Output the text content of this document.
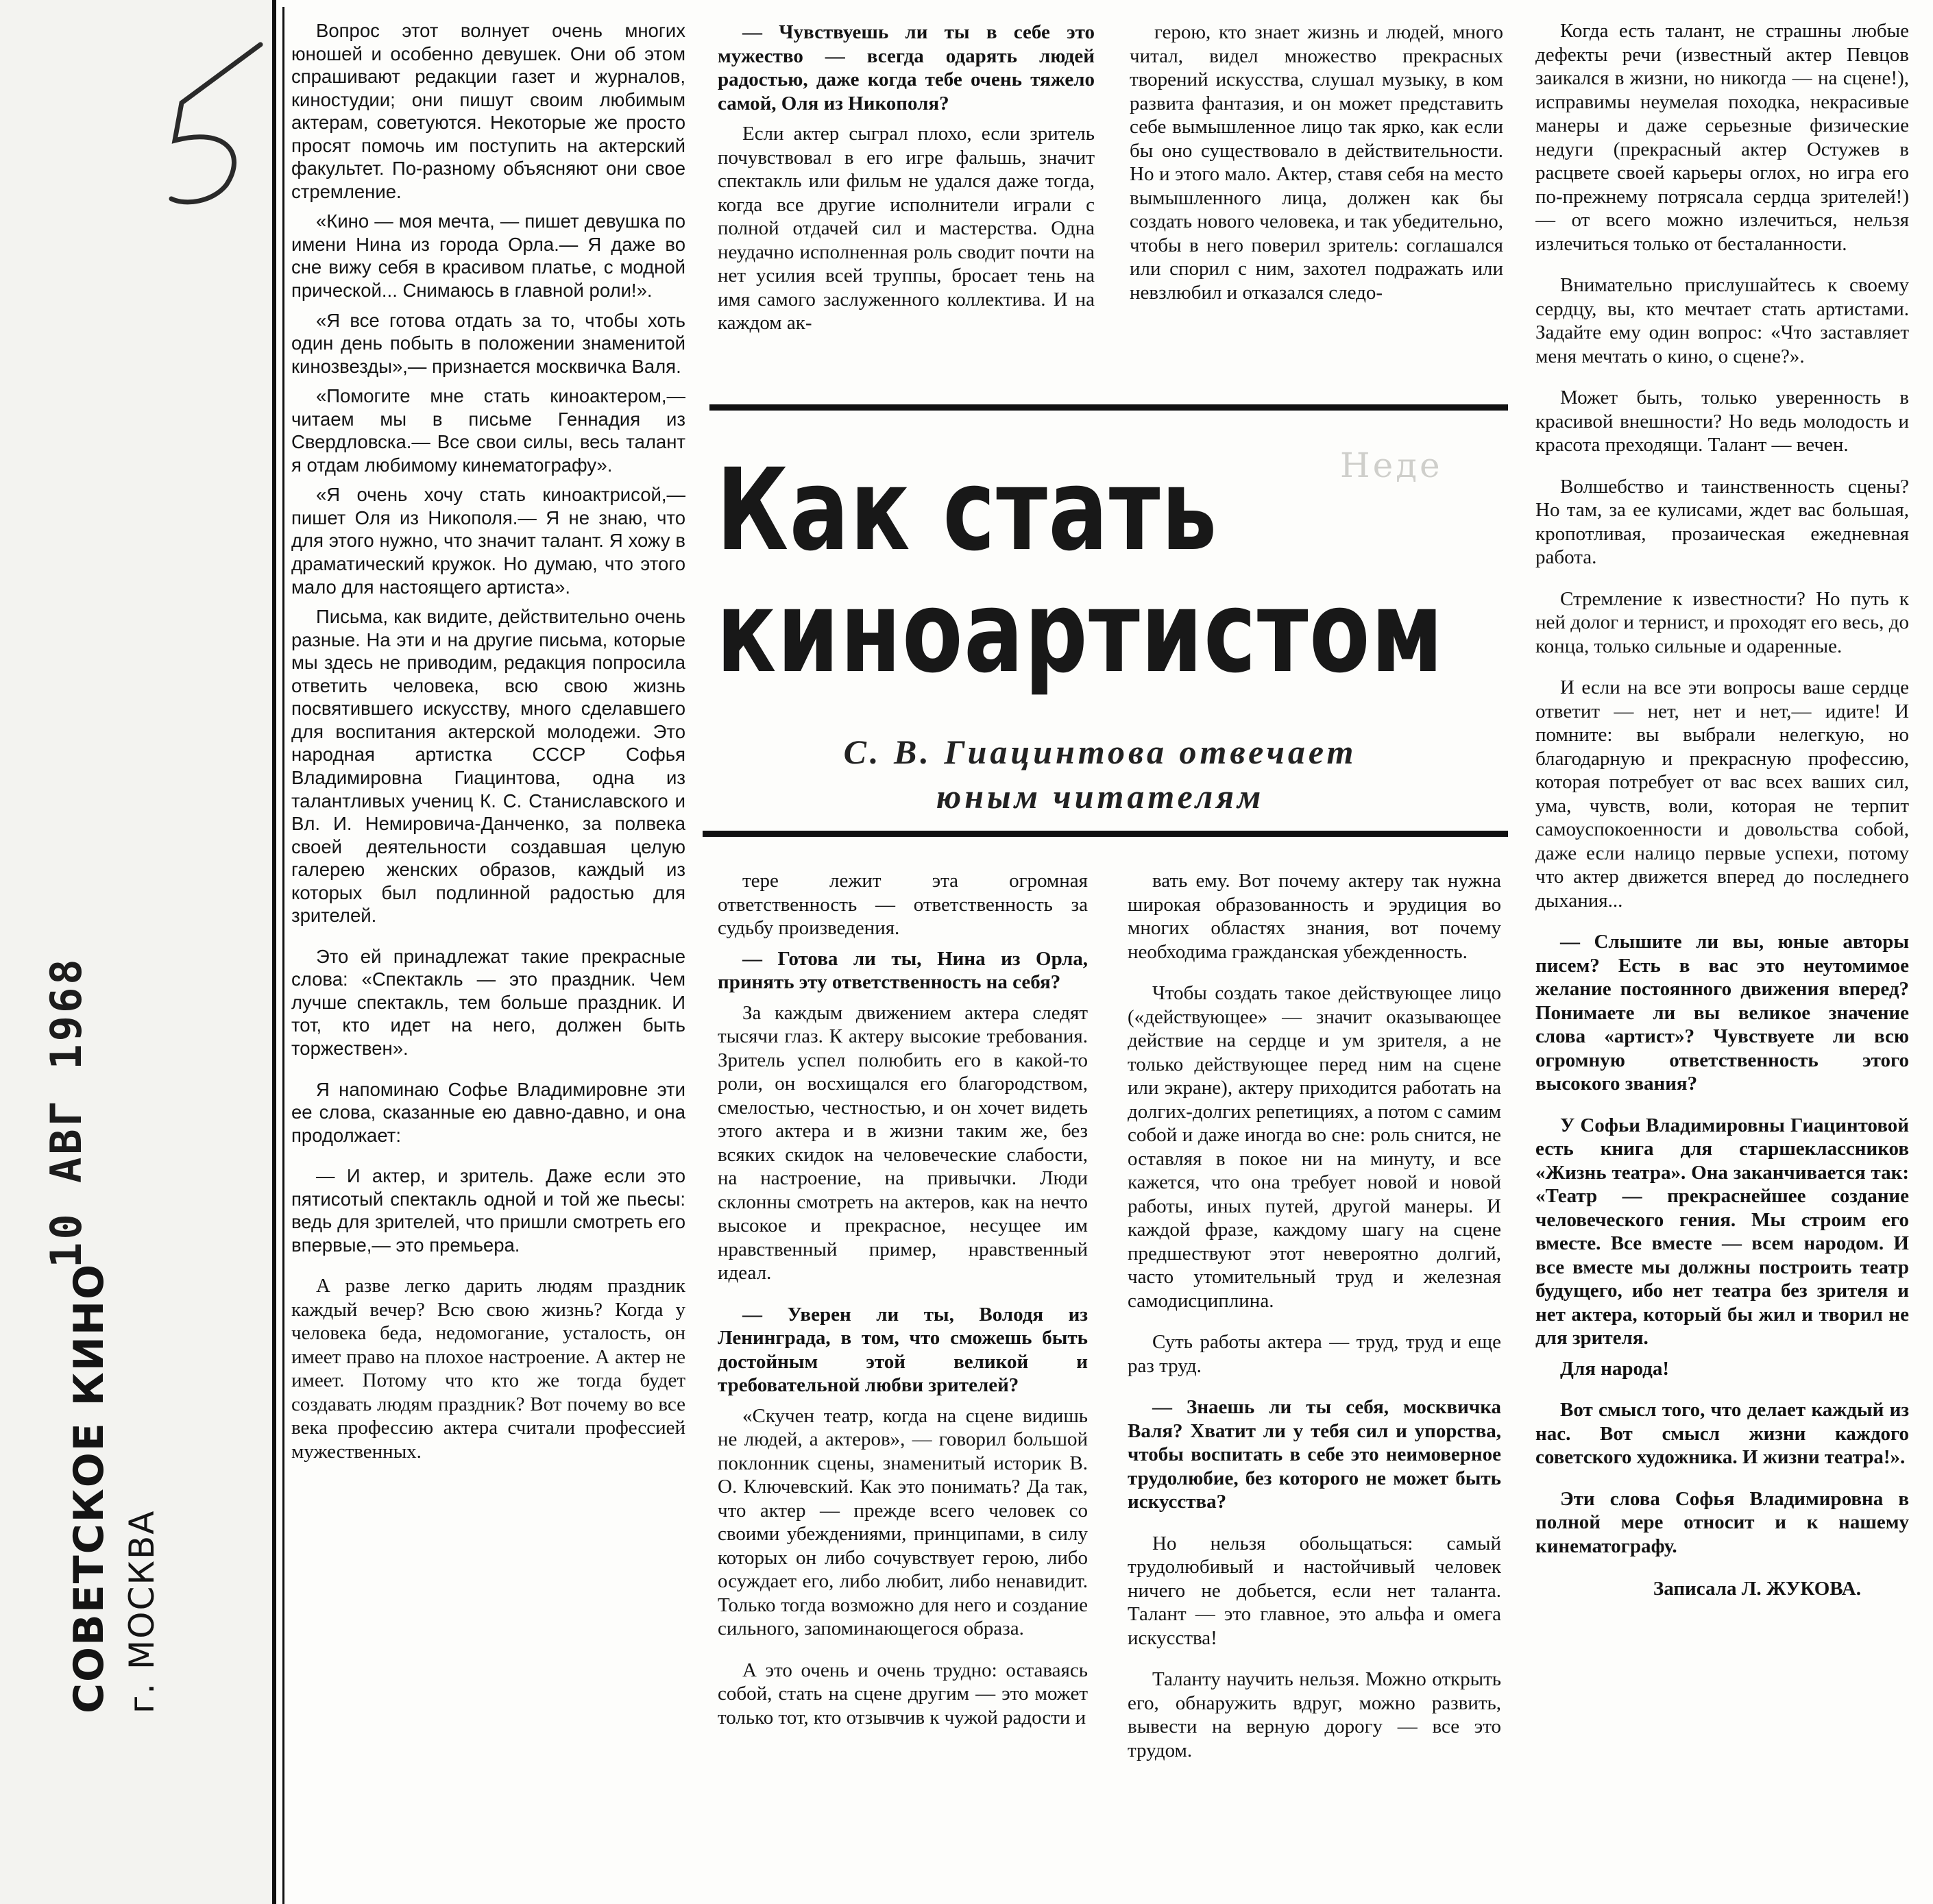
10 АВГ 1968
СОВЕТСКОЕ КИНО г. МОСКВА

Вопрос этот волнует очень многих юношей и особенно девушек. Они об этом спрашивают редакции газет и журналов, киностудии; они пишут своим любимым актерам, советуются. Некоторые же просто просят помочь им поступить на актерский факультет. По-разному объясняют они свое стремление.

«Кино — моя мечта, — пишет девушка по имени Нина из города Орла.— Я даже во сне вижу себя в красивом платье, с модной прической... Снимаюсь в главной роли!».

«Я все готова отдать за то, чтобы хоть один день побыть в положении знаменитой кинозвезды»,— признается москвичка Валя.

«Помогите мне стать киноактером,— читаем мы в письме Геннадия из Свердловска.— Все свои силы, весь талант я отдам любимому кинематографу».

«Я очень хочу стать киноактрисой,— пишет Оля из Никополя.— Я не знаю, что для этого нужно, что значит талант. Я хожу в драматический кружок. Но думаю, что этого мало для настоящего артиста».

Письма, как видите, действительно очень разные. На эти и на другие письма, которые мы здесь не приводим, редакция попросила ответить человека, всю свою жизнь посвятившего искусству, много сделавшего для воспитания актерской молодежи. Это народная артистка СССР Софья Владимировна Гиацинтова, одна из талантливых учениц К. С. Станиславского и Вл. И. Немировича-Данченко, за полвека своей деятельности создавшая целую галерею женских образов, каждый из которых был подлинной радостью для зрителей.

Это ей принадлежат такие прекрасные слова: «Спектакль — это праздник. Чем лучше спектакль, тем больше праздник. И тот, кто идет на него, должен быть торжествен».

Я напоминаю Софье Владимировне эти ее слова, сказанные ею давно-давно, и она продолжает:

— И актер, и зритель. Даже если это пятисотый спектакль одной и той же пьесы: ведь для зрителей, что пришли смотреть его впервые,— это премьера.

А разве легко дарить людям праздник каждый вечер? Всю свою жизнь? Когда у человека беда, недомогание, усталость, он имеет право на плохое настроение. А актер не имеет. Потому что кто же тогда будет создавать людям праздник? Вот почему во все века профессию актера считали профессией мужественных.

— Чувствуешь ли ты в себе это мужество — всегда одарять людей радостью, даже когда тебе очень тяжело самой, Оля из Никополя?

Если актер сыграл плохо, если зритель почувствовал в его игре фальшь, значит спектакль или фильм не удался даже тогда, когда все другие исполнители играли с полной отдачей сил и мастерства. Одна неудачно исполненная роль сводит почти на нет усилия всей труппы, бросает тень на имя самого заслуженного коллектива. И на каждом ак-

герою, кто знает жизнь и людей, много читал, видел множество прекрасных творений искусства, слушал музыку, в ком развита фантазия, и он может представить себе вымышленное лицо так ярко, как если бы оно существовало в действительности. Но и этого мало. Актер, ставя себя на место вымышленного лица, должен как бы создать нового человека, и так убедительно, чтобы в него поверил зритель: соглашался или спорил с ним, захотел подражать или невзлюбил и отказался следо-

Когда есть талант, не страшны любые дефекты речи (известный актер Певцов заикался в жизни, но никогда — на сцене!), исправимы неумелая походка, некрасивые манеры и даже серьезные физические недуги (прекрасный актер Остужев в расцвете своей карьеры оглох, но игра его по-прежнему потрясала сердца зрителей!) — от всего можно излечиться, нельзя излечиться только от бесталанности.

Внимательно прислушайтесь к своему сердцу, вы, кто мечтает стать артистами. Задайте ему один вопрос: «Что заставляет меня мечтать о кино, о сцене?».

Может быть, только уверенность в красивой внешности? Но ведь молодость и красота преходящи. Талант — вечен.

Волшебство и таинственность сцены? Но там, за ее кулисами, ждет вас большая, кропотливая, прозаическая ежедневная работа.

Стремление к известности? Но путь к ней долог и тернист, и проходят его весь, до конца, только сильные и одаренные.

И если на все эти вопросы ваше сердце ответит — нет, нет и нет,— идите! И помните: вы выбрали нелегкую, но благодарную и прекрасную профессию, которая потребует от вас всех ваших сил, ума, чувств, воли, которая не терпит самоуспокоенности и довольства собой, даже если налицо первые успехи, потому что актер движется вперед до последнего дыхания...

— Слышите ли вы, юные авторы писем? Есть в вас это неутомимое желание постоянного движения вперед? Понимаете ли вы великое значение слова «артист»? Чувствуете ли всю огромную ответственность этого высокого звания?

У Софьи Владимировны Гиацинтовой есть книга для старшеклассников «Жизнь театра». Она заканчивается так: «Театр — прекраснейшее создание человеческого гения. Мы строим его вместе. Все вместе — всем народом. И все вместе мы должны построить театр будущего, ибо нет театра без зрителя и нет актера, который бы жил и творил не для зрителя.

Для народа!

Вот смысл того, что делает каждый из нас. Вот смысл жизни каждого советского художника. И жизни театра!».

Эти слова Софья Владимировна в полной мере относит и к нашему кинематографу.

Записала Л. ЖУКОВА.

Неде
Как стать
киноартистом

С. В. Гиацинтова отвечает
юным читателям

тере лежит эта огромная ответственность — ответственность за судьбу произведения.

— Готова ли ты, Нина из Орла, принять эту ответственность на себя?

За каждым движением актера следят тысячи глаз. К актеру высокие требования. Зритель успел полюбить его в какой-то роли, он восхищался его благородством, смелостью, честностью, и он хочет видеть этого актера и в жизни таким же, без всяких скидок на человеческие слабости, на настроение, на привычки. Люди склонны смотреть на актеров, как на нечто высокое и прекрасное, несущее им нравственный пример, нравственный идеал.

— Уверен ли ты, Володя из Ленинграда, в том, что сможешь быть достойным этой великой и требовательной любви зрителей?

«Скучен театр, когда на сцене видишь не людей, а актеров», — говорил большой поклонник сцены, знаменитый историк В. О. Ключевский. Как это понимать? Да так, что актер — прежде всего человек со своими убеждениями, принципами, в силу которых он либо сочувствует герою, либо осуждает его, либо любит, либо ненавидит. Только тогда возможно для него и создание сильного, запоминающегося образа.

А это очень и очень трудно: оставаясь собой, стать на сцене другим — это может только тот, кто отзывчив к чужой радости и

вать ему. Вот почему актеру так нужна широкая образованность и эрудиция во многих областях знания, вот почему необходима гражданская убежденность.

Чтобы создать такое действующее лицо («действующее» — значит оказывающее действие на сердце и ум зрителя, а не только действующее перед ним на сцене или экране), актеру приходится работать на долгих-долгих репетициях, а потом с самим собой и даже иногда во сне: роль снится, не оставляя в покое ни на минуту, и все кажется, что она требует новой и новой работы, иных путей, другой манеры. И каждой фразе, каждому шагу на сцене предшествуют этот невероятно долгий, часто утомительный труд и железная самодисциплина.

Суть работы актера — труд, труд и еще раз труд.

— Знаешь ли ты себя, москвичка Валя? Хватит ли у тебя сил и упорства, чтобы воспитать в себе это неимоверное трудолюбие, без которого не может быть искусства?

Но нельзя обольщаться: самый трудолюбивый и настойчивый человек ничего не добьется, если нет таланта. Талант — это главное, это альфа и омега искусства!

Таланту научить нельзя. Можно открыть его, обнаружить вдруг, можно развить, вывести на верную дорогу — все это трудом.
